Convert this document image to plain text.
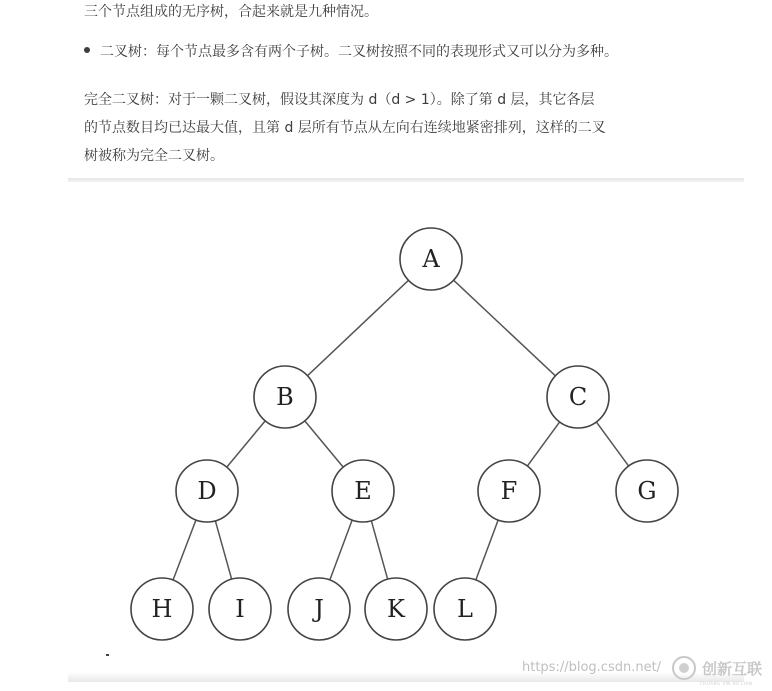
三个节点组成的无序树，合起来就是九种情况。
二叉树：每个节点最多含有两个子树。二叉树按照不同的表现形式又可以分为多种。
完全二叉树：对于一颗二叉树，假设其深度为 d（d > 1）。除了第 d 层，其它各层
的节点数目均已达最大值，且第 d 层所有节点从左向右连续地紧密排列，这样的二叉
树被称为完全二叉树。
A
B	C
D	E	F	G
H	I	J	K L
https://blog.csdn.net/	创新互联
CHUANG XIN HU LIAN
